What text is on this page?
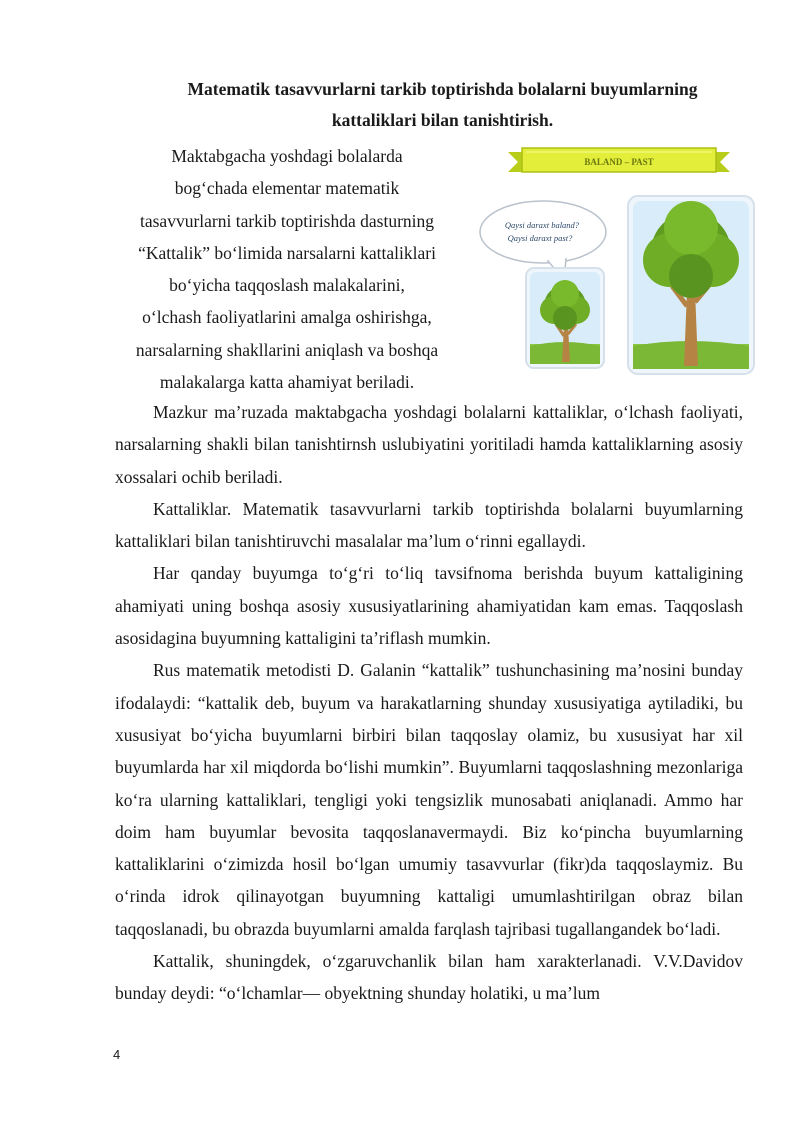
Matematik tasavvurlarni tarkib toptirishda bolalarni buyumlarning kattaliklari bilan tanishtirish.
Maktabgacha yoshdagi bolalarda
bog‘chada elementar matematik
tasavvurlarni tarkib toptirishda dasturning
“Kattalik” bo‘limida narsalarni kattaliklari
bo‘yicha taqqoslash malakalarini,
o‘lchash faoliyatlarini amalga oshirishga,
narsalarning shakllarini aniqlash va boshqa
malakalarga katta ahamiyat beriladi.
BALAND – PAST
Qaysi daraxt baland?
Qaysi daraxt past?

Mazkur ma’ruzada maktabgacha yoshdagi bolalarni kattaliklar, o‘lchash faoliyati, narsalarning shakli bilan tanishtirnsh uslubiyatini yoritiladi hamda kattaliklarning asosiy xossalari ochib beriladi.

Kattaliklar. Matematik tasavvurlarni tarkib toptirishda bolalarni buyumlarning kattaliklari bilan tanishtiruvchi masalalar ma’lum o‘rinni egallaydi.

Har qanday buyumga to‘g‘ri to‘liq tavsifnoma berishda buyum kattaligining ahamiyati uning boshqa asosiy xususiyatlarining ahamiyatidan kam emas. Taqqoslash asosidagina buyumning kattaligini ta’riflash mumkin.

Rus matematik metodisti D. Galanin “kattalik” tushunchasining ma’nosini bunday ifodalaydi: “kattalik deb, buyum va harakatlarning shunday xususiyatiga aytiladiki, bu xususiyat bo‘yicha buyumlarni birbiri bilan taqqoslay olamiz, bu xususiyat har xil buyumlarda har xil miqdorda bo‘lishi mumkin”. Buyumlarni taqqoslashning mezonlariga ko‘ra ularning kattaliklari, tengligi yoki tengsizlik munosabati aniqlanadi. Ammo har doim ham buyumlar bevosita taqqoslanavermaydi. Biz ko‘pincha buyumlarning kattaliklarini o‘zimizda hosil bo‘lgan umumiy tasavvurlar (fikr)da taqqoslaymiz. Bu o‘rinda idrok qilinayotgan buyumning kattaligi umumlashtirilgan obraz bilan taqqoslanadi, bu obrazda buyumlarni amalda farqlash tajribasi tugallangandek bo‘ladi.

Kattalik, shuningdek, o‘zgaruvchanlik bilan ham xarakterlanadi. V.V.Davidov bunday deydi: “o‘lchamlar— obyektning shunday holatiki, u ma’lum

4
